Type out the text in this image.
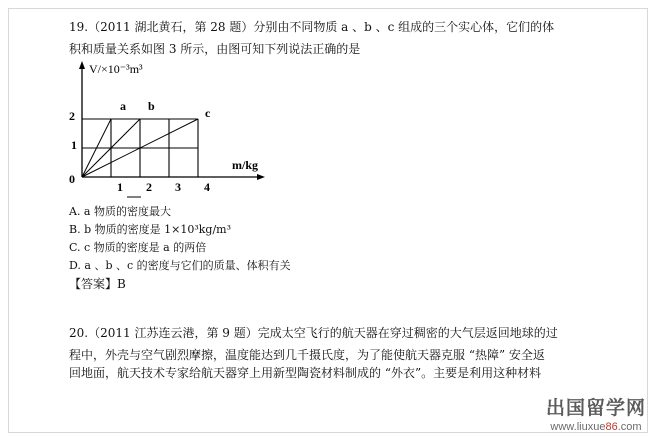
19.（2011 湖北黄石，第 28 题）分别由不同物质 a 、b 、c 组成的三个实心体，它们的体
积和质量关系如图 3 所示，由图可知下列说法正确的是
V/×10⁻³m³
m/kg
0
2
1
1 2 3 4
a b	c
A. a 物质的密度最大
B. b 物质的密度是 1×10³kg/m³
C. c 物质的密度是 a 的两倍
D. a 、b 、c 的密度与它们的质量、体积有关
【答案】B
20.（2011 江苏连云港，第 9 题）完成太空飞行的航天器在穿过稠密的大气层返回地球的过
程中，外壳与空气剧烈摩擦，温度能达到几千摄氏度，为了能使航天器克服 “热障” 安全返
回地面，航天技术专家给航天器穿上用新型陶瓷材料制成的 “外衣”。主要是利用这种材料
出国留学网
www.liuxue86.com
